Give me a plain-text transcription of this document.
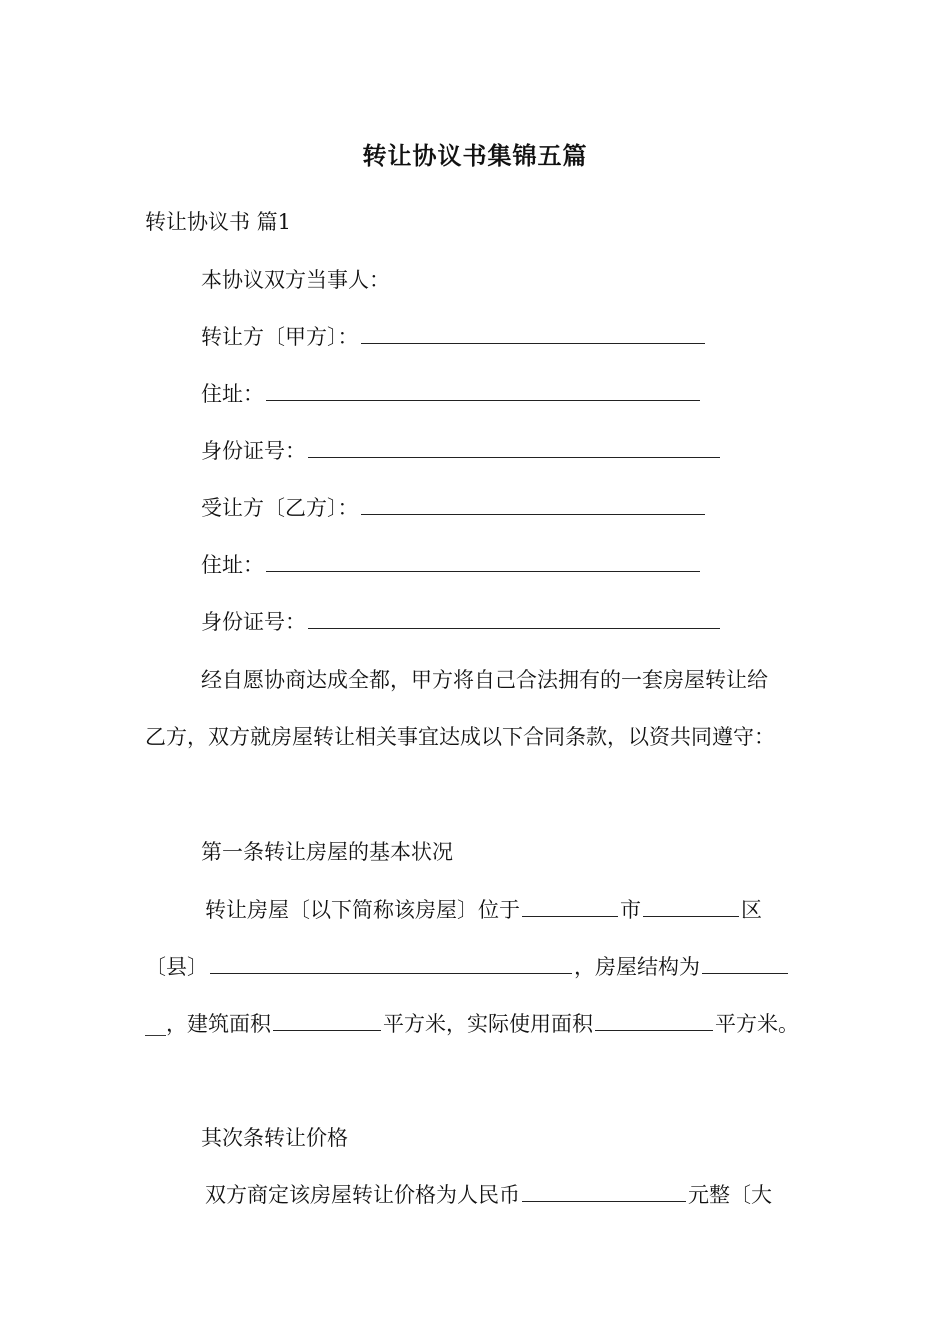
转让协议书集锦五篇
转让协议书 篇1
本协议双方当事人：
转让方〔甲方〕：
住址：
身份证号：
受让方〔乙方〕：
住址：
身份证号：
经自愿协商达成全都，甲方将自己合法拥有的一套房屋转让给
乙方，双方就房屋转让相关事宜达成以下合同条款，以资共同遵守：
第一条转让房屋的基本状况
转让房屋〔以下简称该房屋〕位于	市	区
〔县〕	，房屋结构为
__，建筑面积	平方米，实际使用面积	平方米。
其次条转让价格
双方商定该房屋转让价格为人民币	元整〔大
